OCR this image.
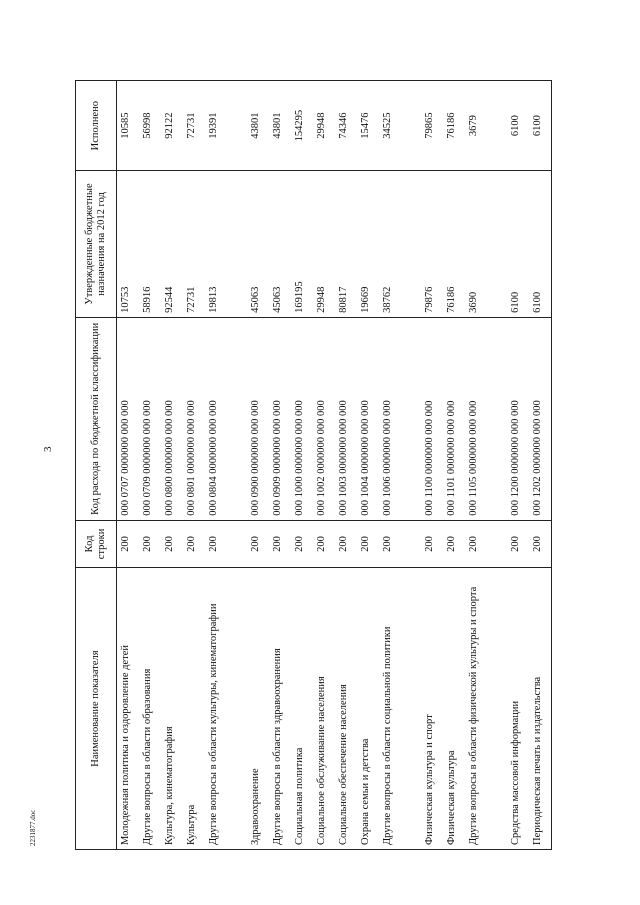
3
2231877.doc
Наименование показателя	Код строки	Код расхода по бюджетной классификации	Утвержденные бюджетные назначения на 2012 год	Исполнено
Молодежная политика и оздоровление детей	200	000 0707 0000000 000 000	10753	10585
Другие вопросы в области образования	200	000 0709 0000000 000 000	58916	56998
Культура, кинематография	200	000 0800 0000000 000 000	92544	92122
Культура	200	000 0801 0000000 000 000	72731	72731
Другие вопросы в области культуры, кинематографии	200	000 0804 0000000 000 000	19813	19391

Здравоохранение	200	000 0900 0000000 000 000	45063	43801
Другие вопросы в области здравоохранения	200	000 0909 0000000 000 000	45063	43801
Социальная политика	200	000 1000 0000000 000 000	169195	154295
Социальное обслуживание населения	200	000 1002 0000000 000 000	29948	29948
Социальное обеспечение населения	200	000 1003 0000000 000 000	80817	74346
Охрана семьи и детства	200	000 1004 0000000 000 000	19669	15476
Другие вопросы в области социальной политики	200	000 1006 0000000 000 000	38762	34525

Физическая культура и спорт	200	000 1100 0000000 000 000	79876	79865
Физическая культура	200	000 1101 0000000 000 000	76186	76186
Другие вопросы в области физической культуры и спорта	200	000 1105 0000000 000 000	3690	3679

Средства массовой информации	200	000 1200 0000000 000 000	6100	6100
Периодическая печать и издательства	200	000 1202 0000000 000 000	6100	6100
